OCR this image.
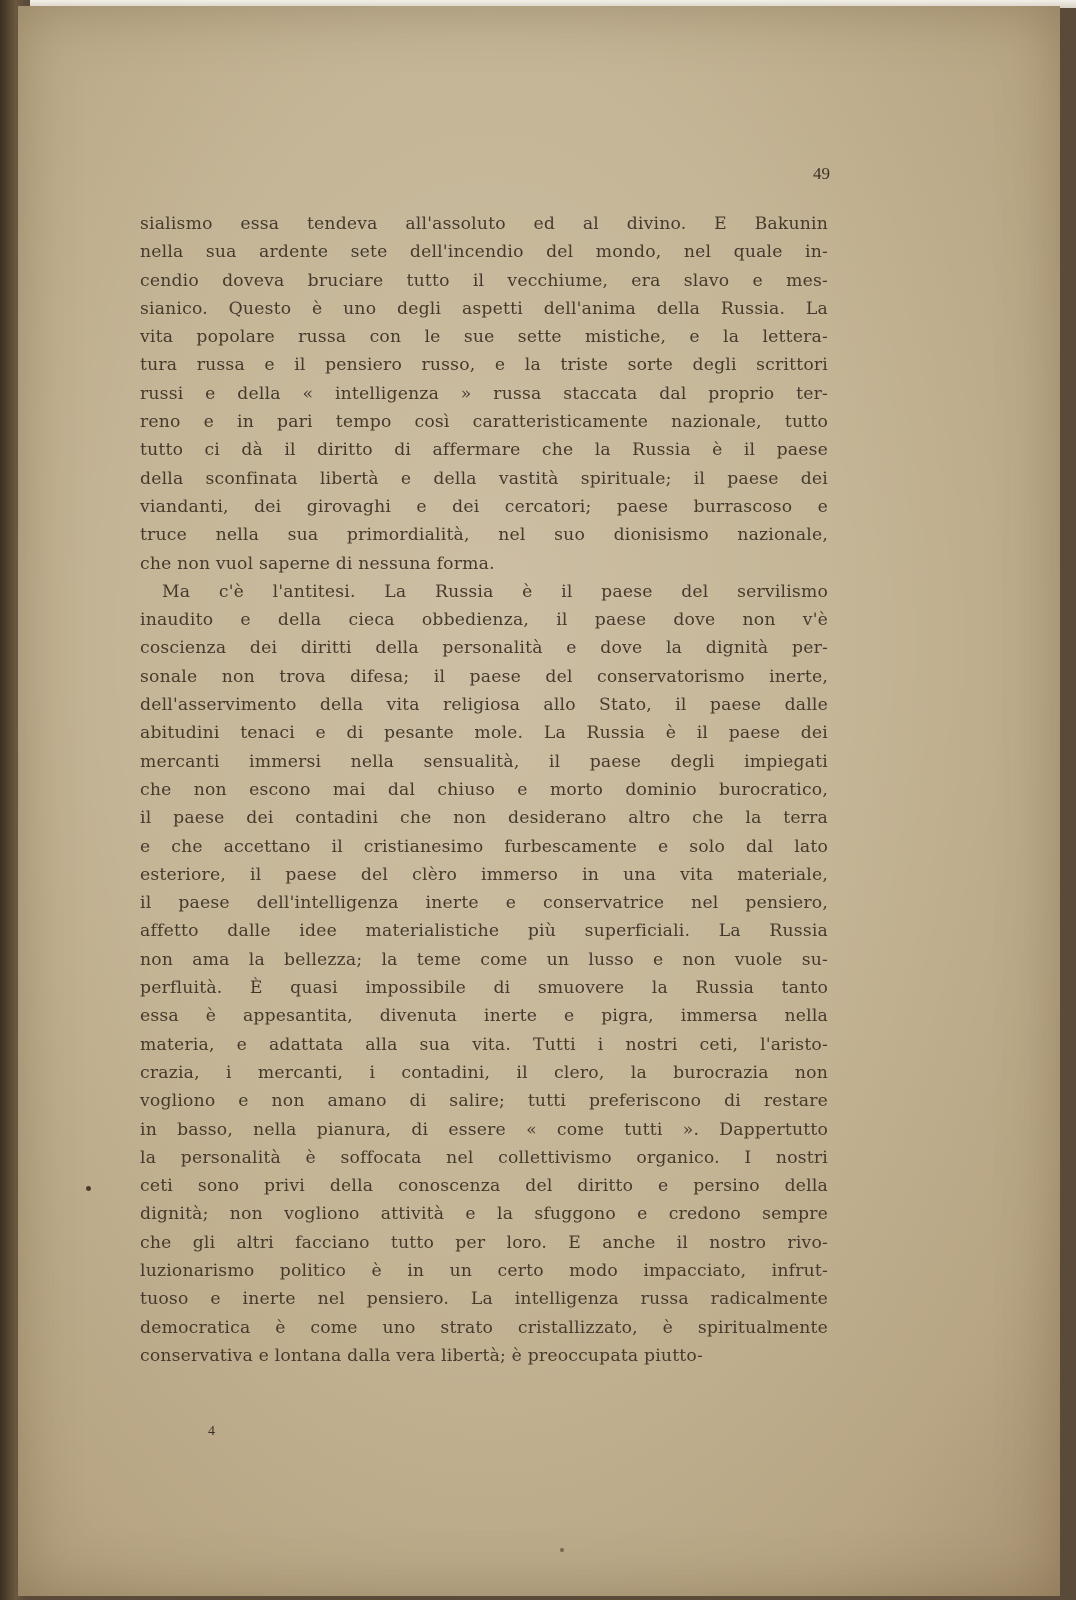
49
sialismo essa tendeva all'assoluto ed al divino. E Bakunin
nella sua ardente sete dell'incendio del mondo, nel quale in-
cendio doveva bruciare tutto il vecchiume, era slavo e mes-
sianico. Questo è uno degli aspetti dell'anima della Russia. La
vita popolare russa con le sue sette mistiche, e la lettera-
tura russa e il pensiero russo, e la triste sorte degli scrittori
russi e della « intelligenza » russa staccata dal proprio ter-
reno e in pari tempo così caratteristicamente nazionale, tutto
tutto ci dà il diritto di affermare che la Russia è il paese
della sconfinata libertà e della vastità spirituale; il paese dei
viandanti, dei girovaghi e dei cercatori; paese burrascoso e
truce nella sua primordialità, nel suo dionisismo nazionale,
che non vuol saperne di nessuna forma.
Ma c'è l'antitesi. La Russia è il paese del servilismo
inaudito e della cieca obbedienza, il paese dove non v'è
coscienza dei diritti della personalità e dove la dignità per-
sonale non trova difesa; il paese del conservatorismo inerte,
dell'asservimento della vita religiosa allo Stato, il paese dalle
abitudini tenaci e di pesante mole. La Russia è il paese dei
mercanti immersi nella sensualità, il paese degli impiegati
che non escono mai dal chiuso e morto dominio burocratico,
il paese dei contadini che non desiderano altro che la terra
e che accettano il cristianesimo furbescamente e solo dal lato
esteriore, il paese del clèro immerso in una vita materiale,
il paese dell'intelligenza inerte e conservatrice nel pensiero,
affetto dalle idee materialistiche più superficiali. La Russia
non ama la bellezza; la teme come un lusso e non vuole su-
perfluità. È quasi impossibile di smuovere la Russia tanto
essa è appesantita, divenuta inerte e pigra, immersa nella
materia, e adattata alla sua vita. Tutti i nostri ceti, l'aristo-
crazia, i mercanti, i contadini, il clero, la burocrazia non
vogliono e non amano di salire; tutti preferiscono di restare
in basso, nella pianura, di essere « come tutti ». Dappertutto
la personalità è soffocata nel collettivismo organico. I nostri
ceti sono privi della conoscenza del diritto e persino della
dignità; non vogliono attività e la sfuggono e credono sempre
che gli altri facciano tutto per loro. E anche il nostro rivo-
luzionarismo politico è in un certo modo impacciato, infrut-
tuoso e inerte nel pensiero. La intelligenza russa radicalmente
democratica è come uno strato cristallizzato, è spiritualmente
conservativa e lontana dalla vera libertà; è preoccupata piutto-
4
